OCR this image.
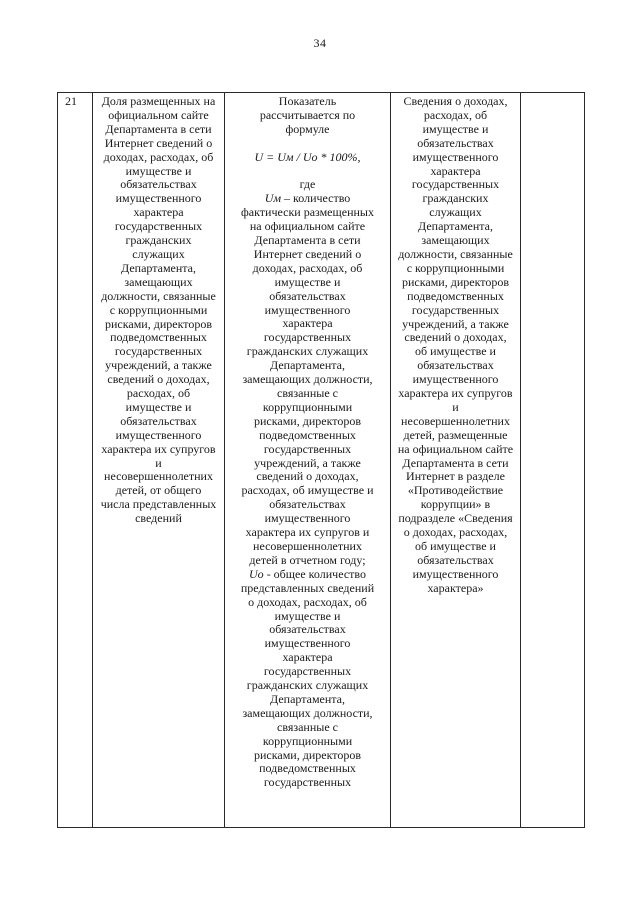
34
21	Доля размещенных на
официальном сайте
Департамента в сети
Интернет сведений о
доходах, расходах, об
имуществе и
обязательствах
имущественного
характера
государственных
гражданских
служащих
Департамента,
замещающих
должности, связанные
с коррупционными
рисками, директоров
подведомственных
государственных
учреждений, а также
сведений о доходах,
расходах, об
имуществе и
обязательствах
имущественного
характера их супругов
и
несовершеннолетних
детей, от общего
числа представленных
сведений
Показатель
рассчитывается по
формуле
U = Uм / Uo * 100%,
где
Uм – количество
фактически размещенных
на официальном сайте
Департамента в сети
Интернет сведений о
доходах, расходах, об
имуществе и
обязательствах
имущественного
характера
государственных
гражданских служащих
Департамента,
замещающих должности,
связанные с
коррупционными
рисками, директоров
подведомственных
государственных
учреждений, а также
сведений о доходах,
расходах, об имуществе и
обязательствах
имущественного
характера их супругов и
несовершеннолетних
детей в отчетном году;
Uo - общее количество
представленных сведений
о доходах, расходах, об
имуществе и
обязательствах
имущественного
характера
государственных
гражданских служащих
Департамента,
замещающих должности,
связанные с
коррупционными
рисками, директоров
подведомственных
государственных
Сведения о доходах,
расходах, об
имуществе и
обязательствах
имущественного
характера
государственных
гражданских
служащих
Департамента,
замещающих
должности, связанные
с коррупционными
рисками, директоров
подведомственных
государственных
учреждений, а также
сведений о доходах,
об имуществе и
обязательствах
имущественного
характера их супругов
и
несовершеннолетних
детей, размещенные
на официальном сайте
Департамента в сети
Интернет в разделе
«Противодействие
коррупции» в
подразделе «Сведения
о доходах, расходах,
об имуществе и
обязательствах
имущественного
характера»
